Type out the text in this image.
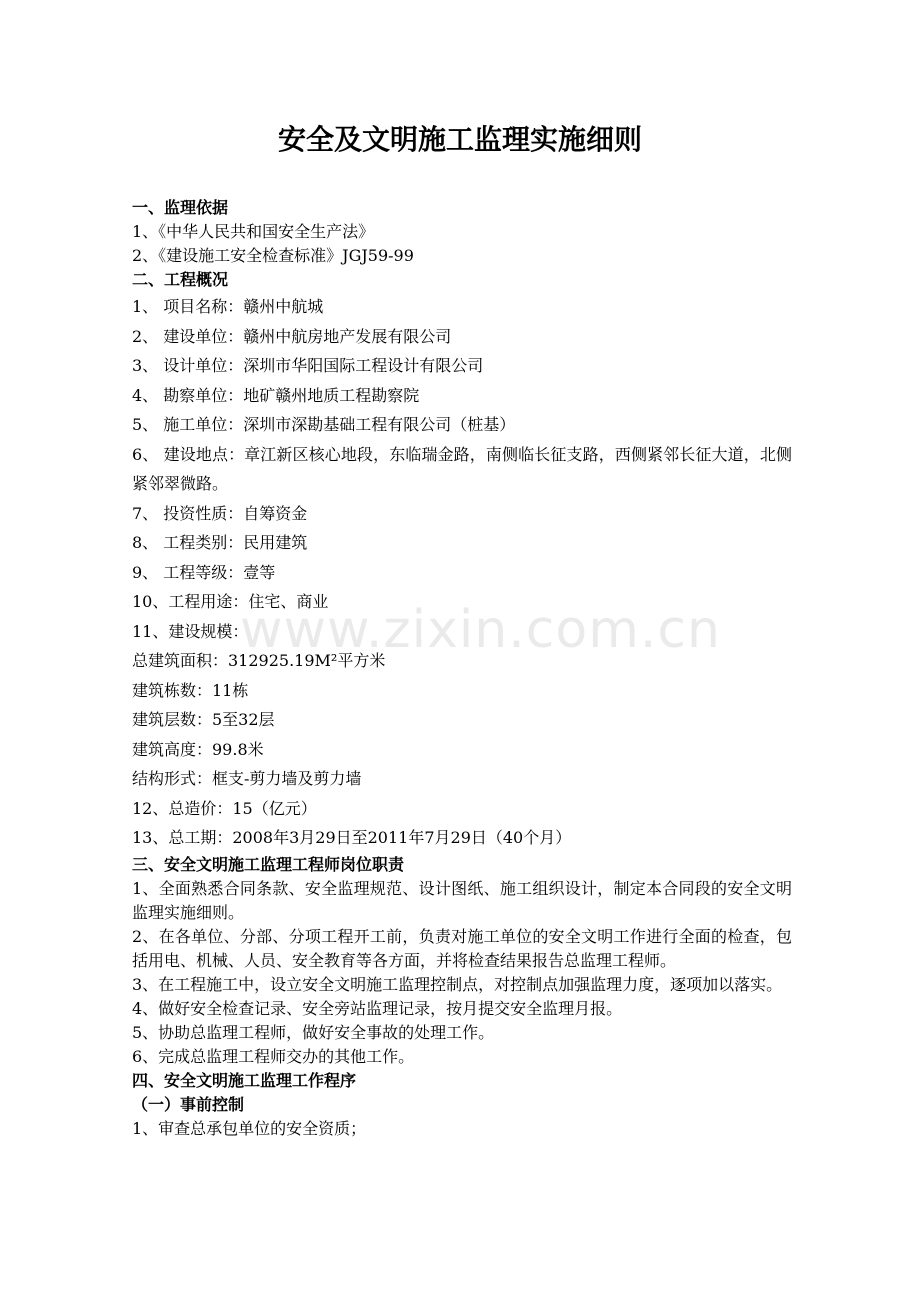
安全及文明施工监理实施细则
www.zixin.com.cn

一、监理依据

1、《中华人民共和国安全生产法》

2、《建设施工安全检查标准》JGJ59-99

二、工程概况

1、 项目名称：赣州中航城

2、 建设单位：赣州中航房地产发展有限公司

3、 设计单位：深圳市华阳国际工程设计有限公司

4、 勘察单位：地矿赣州地质工程勘察院

5、 施工单位：深圳市深勘基础工程有限公司（桩基）

6、 建设地点：章江新区核心地段，东临瑞金路，南侧临长征支路，西侧紧邻长征大道，北侧紧邻翠微路。

7、 投资性质：自筹资金

8、 工程类别：民用建筑

9、 工程等级：壹等

10、工程用途：住宅、商业

11、建设规模：

总建筑面积：312925.19M²平方米

建筑栋数：11栋

建筑层数：5至32层

建筑高度：99.8米

结构形式：框支-剪力墙及剪力墙

12、总造价：15（亿元）

13、总工期：2008年3月29日至2011年7月29日（40个月）

三、安全文明施工监理工程师岗位职责

1、全面熟悉合同条款、安全监理规范、设计图纸、施工组织设计，制定本合同段的安全文明监理实施细则。

2、在各单位、分部、分项工程开工前，负责对施工单位的安全文明工作进行全面的检查，包括用电、机械、人员、安全教育等各方面，并将检查结果报告总监理工程师。

3、在工程施工中，设立安全文明施工监理控制点，对控制点加强监理力度，逐项加以落实。

4、做好安全检查记录、安全旁站监理记录，按月提交安全监理月报。

5、协助总监理工程师，做好安全事故的处理工作。

6、完成总监理工程师交办的其他工作。

四、安全文明施工监理工作程序

（一）事前控制

1、审查总承包单位的安全资质；
